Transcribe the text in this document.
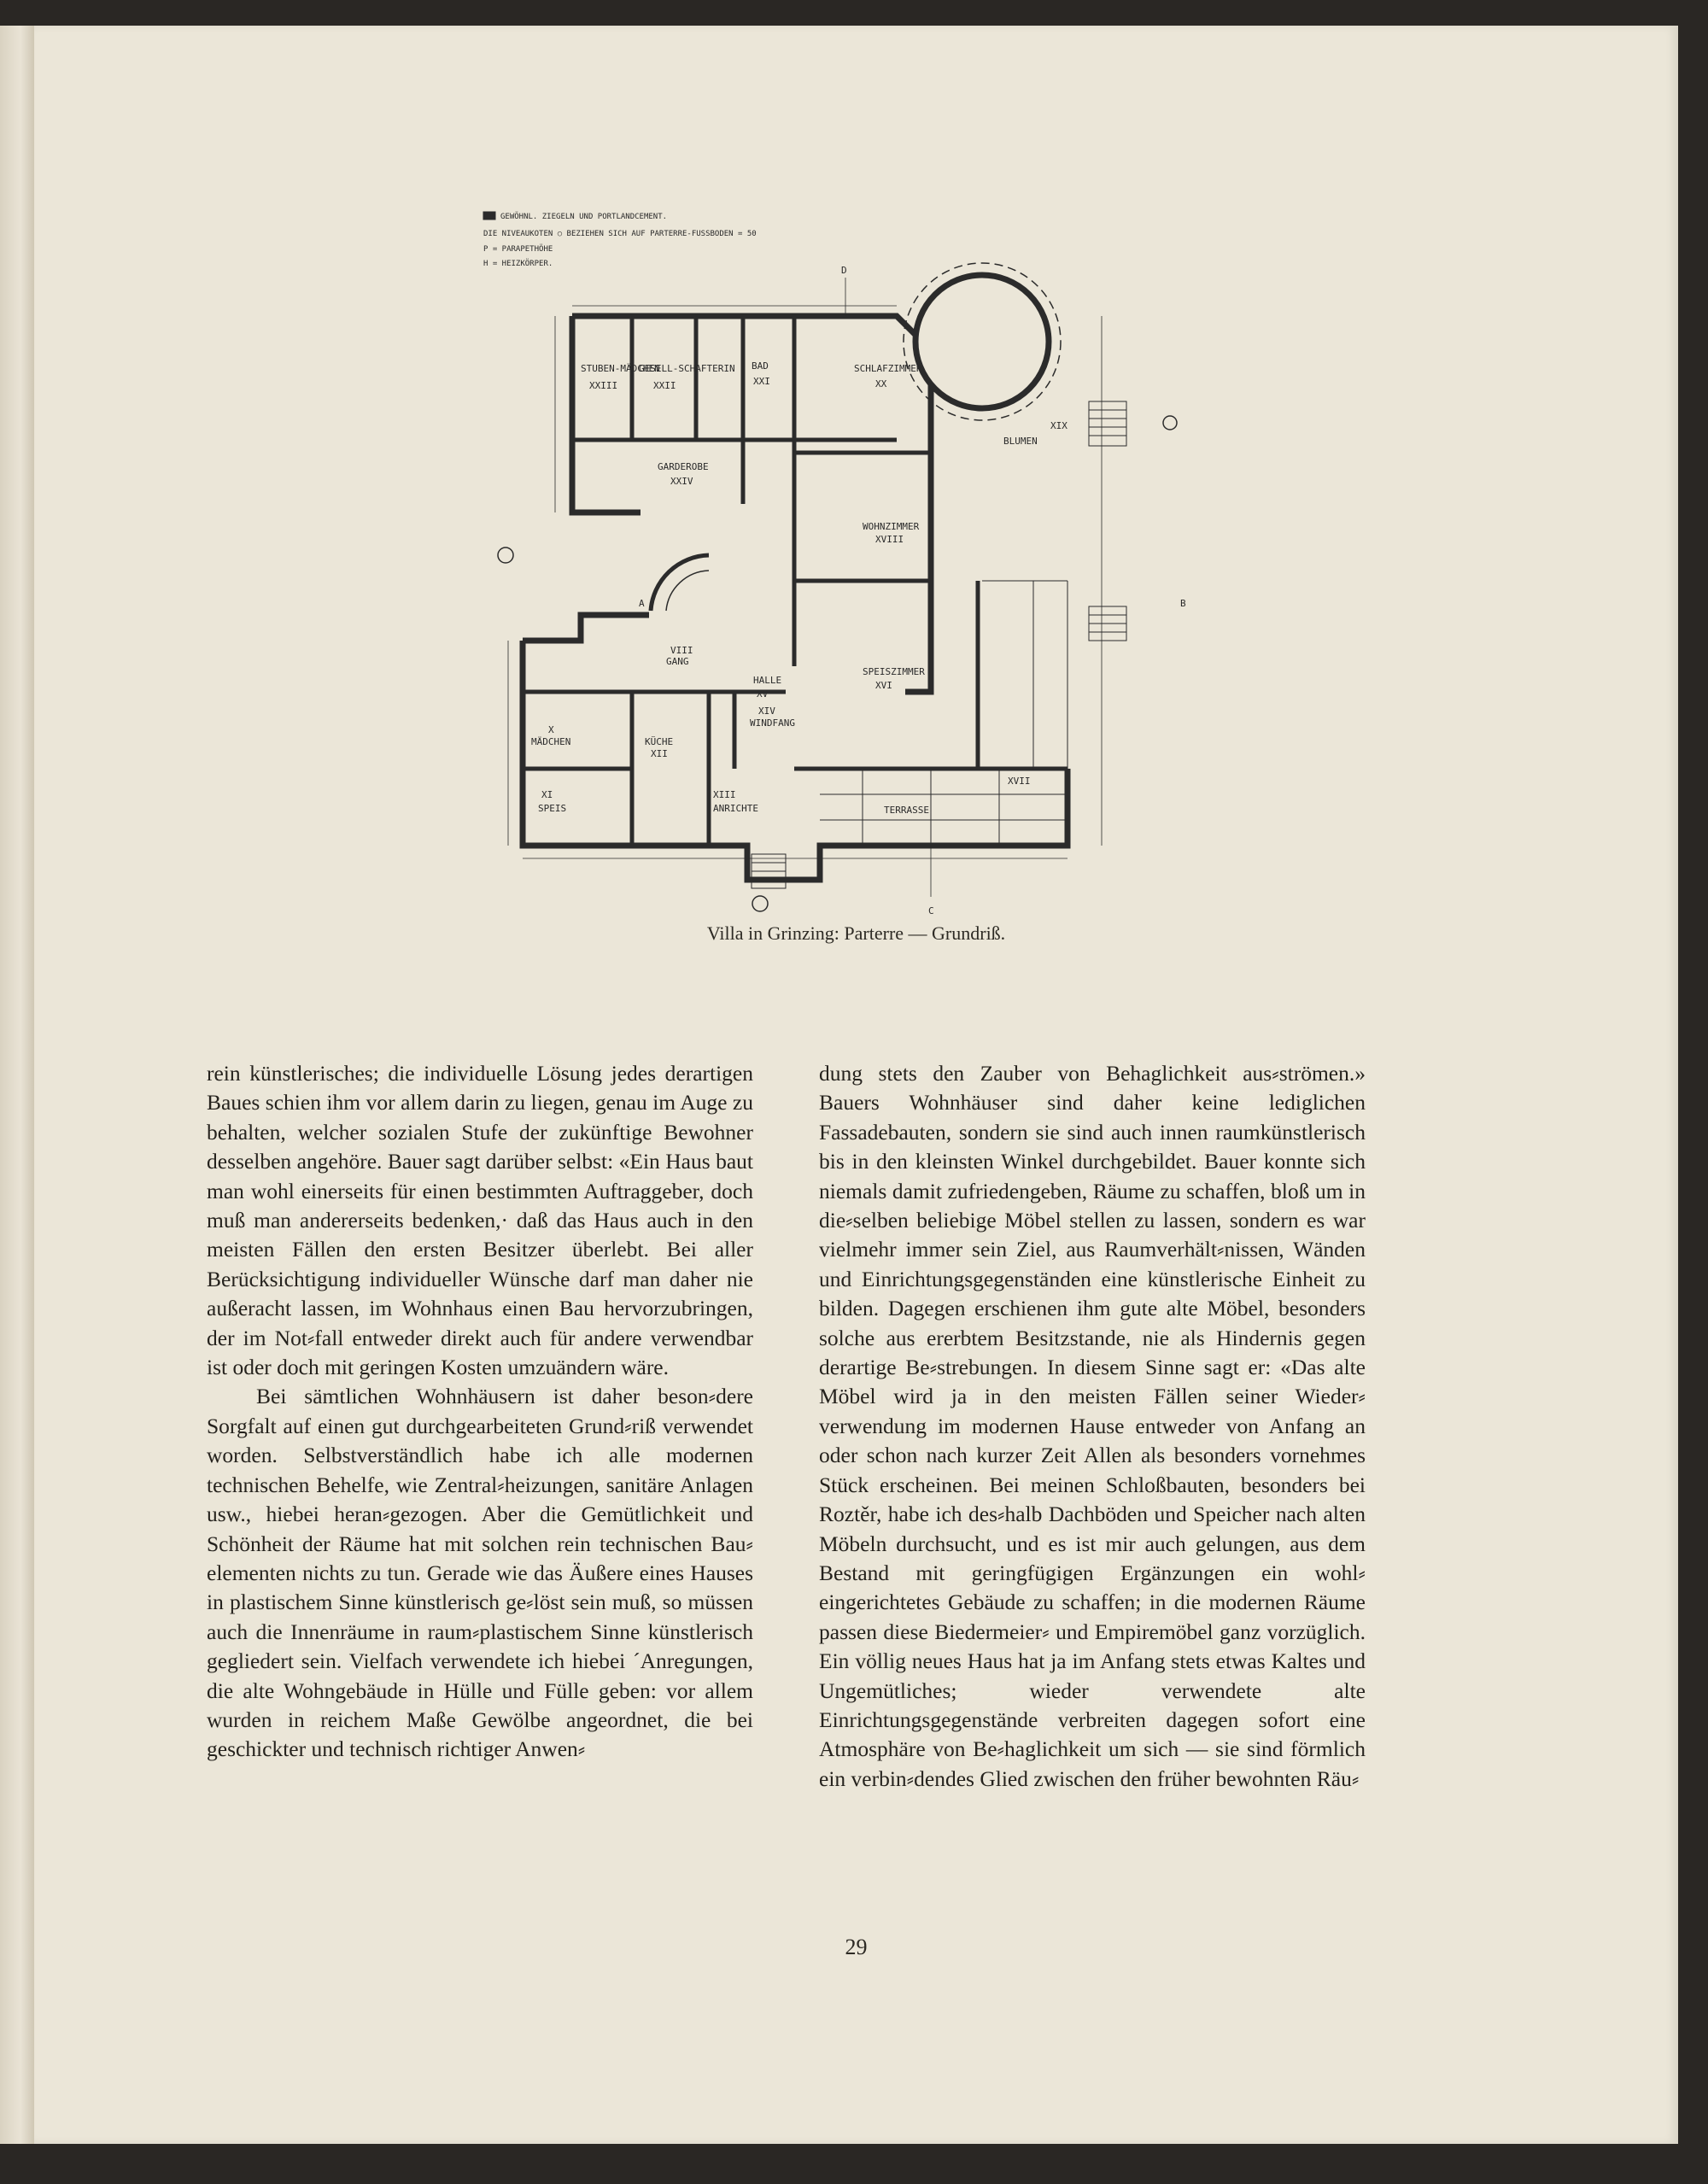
GEWÖHNL. ZIEGELN UND PORTLANDCEMENT.
DIE NIVEAUKOTEN ○ BEZIEHEN SICH AUF PARTERRE-FUSSBODEN = 50
P = PARAPETHÖHE
H = HEIZKÖRPER.
STUBEN-MÄDCHEN
XXIII
GESELL-SCHAFTERIN
XXII
BAD
XXI
SCHLAFZIMMER
XX
BLUMEN
XIX
GARDEROBE
XXIV
WOHNZIMMER
XVIII
HALLE
XV
SPEISZIMMER
XVI
WINDFANG
XIV
MÄDCHEN
X
KÜCHE
XII
SPEIS
XI
ANRICHTE
XIII
TERRASSE
XVII
GANG
VIII
A	B
C
D
Villa in Grinzing: Parterre — Grundriß.

rein künstlerisches; die individuelle Lösung jedes derartigen Baues schien ihm vor allem darin zu liegen, genau im Auge zu behalten, welcher sozialen Stufe der zukünftige Bewohner desselben angehöre. Bauer sagt darüber selbst: «Ein Haus baut man wohl einerseits für einen bestimmten Auftraggeber, doch muß man andererseits bedenken,· daß das Haus auch in den meisten Fällen den ersten Besitzer überlebt. Bei aller Berücksichtigung individueller Wünsche darf man daher nie außeracht lassen, im Wohnhaus einen Bau hervorzubringen, der im Not⸗fall entweder direkt auch für andere verwendbar ist oder doch mit geringen Kosten umzuändern wäre.

Bei sämtlichen Wohnhäusern ist daher beson⸗dere Sorgfalt auf einen gut durchgearbeiteten Grund⸗riß verwendet worden. Selbstverständlich habe ich alle modernen technischen Behelfe, wie Zentral⸗heizungen, sanitäre Anlagen usw., hiebei heran⸗gezogen. Aber die Gemütlichkeit und Schönheit der Räume hat mit solchen rein technischen Bau⸗elementen nichts zu tun. Gerade wie das Äußere eines Hauses in plastischem Sinne künstlerisch ge⸗löst sein muß, so müssen auch die Innenräume in raum⸗plastischem Sinne künstlerisch gegliedert sein. Vielfach verwendete ich hiebei ´Anregungen, die alte Wohngebäude in Hülle und Fülle geben: vor allem wurden in reichem Maße Gewölbe angeordnet, die bei geschickter und technisch richtiger Anwen⸗

dung stets den Zauber von Behaglichkeit aus⸗strömen.» Bauers Wohnhäuser sind daher keine lediglichen Fassadebauten, sondern sie sind auch innen raumkünstlerisch bis in den kleinsten Winkel durchgebildet. Bauer konnte sich niemals damit zufriedengeben, Räume zu schaffen, bloß um in die⸗selben beliebige Möbel stellen zu lassen, sondern es war vielmehr immer sein Ziel, aus Raumverhält⸗nissen, Wänden und Einrichtungsgegenständen eine künstlerische Einheit zu bilden. Dagegen erschienen ihm gute alte Möbel, besonders solche aus ererbtem Besitzstande, nie als Hindernis gegen derartige Be⸗strebungen. In diesem Sinne sagt er: «Das alte Möbel wird ja in den meisten Fällen seiner Wieder⸗verwendung im modernen Hause entweder von Anfang an oder schon nach kurzer Zeit Allen als besonders vornehmes Stück erscheinen. Bei meinen Schloßbauten, besonders bei Roztěr, habe ich des⸗halb Dachböden und Speicher nach alten Möbeln durchsucht, und es ist mir auch gelungen, aus dem Bestand mit geringfügigen Ergänzungen ein wohl⸗eingerichtetes Gebäude zu schaffen; in die modernen Räume passen diese Biedermeier⸗ und Empiremöbel ganz vorzüglich. Ein völlig neues Haus hat ja im Anfang stets etwas Kaltes und Ungemütliches; wieder verwendete alte Einrichtungsgegenstände verbreiten dagegen sofort eine Atmosphäre von Be⸗haglichkeit um sich — sie sind förmlich ein verbin⸗dendes Glied zwischen den früher bewohnten Räu⸗

29
